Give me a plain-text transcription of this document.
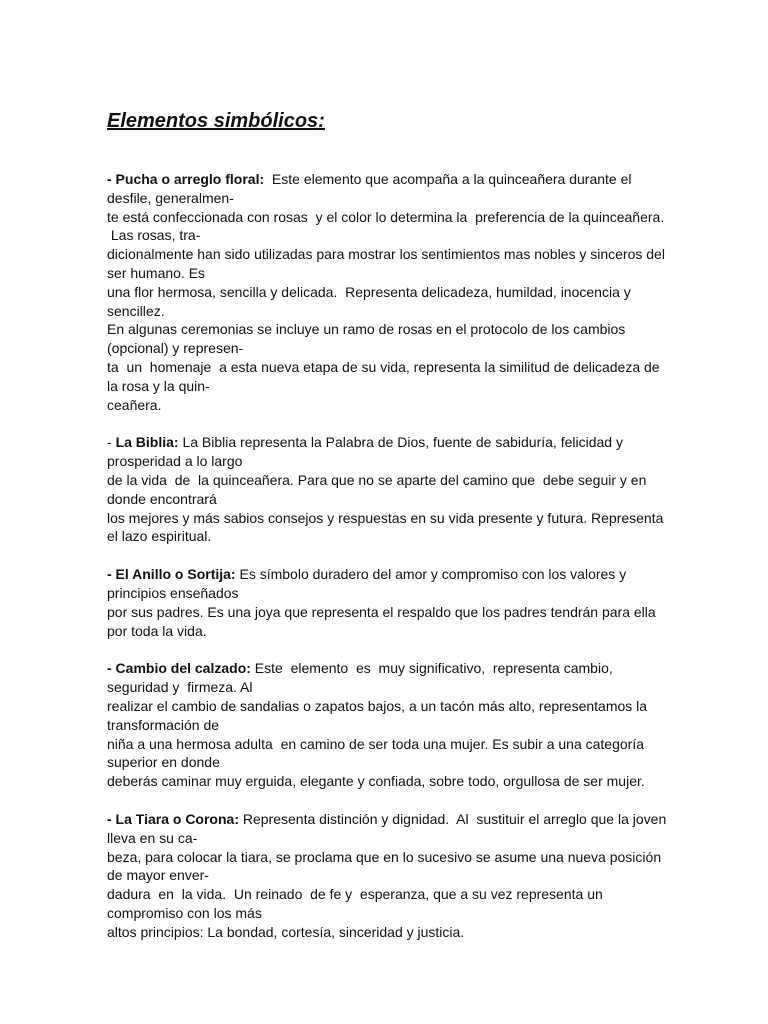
Elementos simbólicos:
- Pucha o arreglo floral:  Este elemento que acompaña a la quinceañera durante el
desfile, generalmen-
te está confeccionada con rosas  y el color lo determina la  preferencia de la quinceañera.
Las rosas, tra-
dicionalmente han sido utilizadas para mostrar los sentimientos mas nobles y sinceros del
ser humano. Es
una flor hermosa, sencilla y delicada.  Representa delicadeza, humildad, inocencia y
sencillez.
En algunas ceremonias se incluye un ramo de rosas en el protocolo de los cambios
(opcional) y represen-
ta  un  homenaje  a esta nueva etapa de su vida, representa la similitud de delicadeza de
la rosa y la quin-
ceañera.
- La Biblia: La Biblia representa la Palabra de Dios, fuente de sabiduría, felicidad y
prosperidad a lo largo
de la vida  de  la quinceañera. Para que no se aparte del camino que  debe seguir y en
donde encontrará
los mejores y más sabios consejos y respuestas en su vida presente y futura. Representa
el lazo espiritual.
- El Anillo o Sortija: Es símbolo duradero del amor y compromiso con los valores y
principios enseñados
por sus padres. Es una joya que representa el respaldo que los padres tendrán para ella
por toda la vida.
- Cambio del calzado: Este  elemento  es  muy significativo,  representa cambio,
seguridad y  firmeza. Al
realizar el cambio de sandalias o zapatos bajos, a un tacón más alto, representamos la
transformación de
niña a una hermosa adulta  en camino de ser toda una mujer. Es subir a una categoría
superior en donde
deberás caminar muy erguida, elegante y confiada, sobre todo, orgullosa de ser mujer.
- La Tiara o Corona: Representa distinción y dignidad.  Al  sustituir el arreglo que la joven
lleva en su ca-
beza, para colocar la tiara, se proclama que en lo sucesivo se asume una nueva posición
de mayor enver-
dadura  en  la vida.  Un reinado  de fe y  esperanza, que a su vez representa un
compromiso con los más
altos principios: La bondad, cortesía, sinceridad y justicia.
